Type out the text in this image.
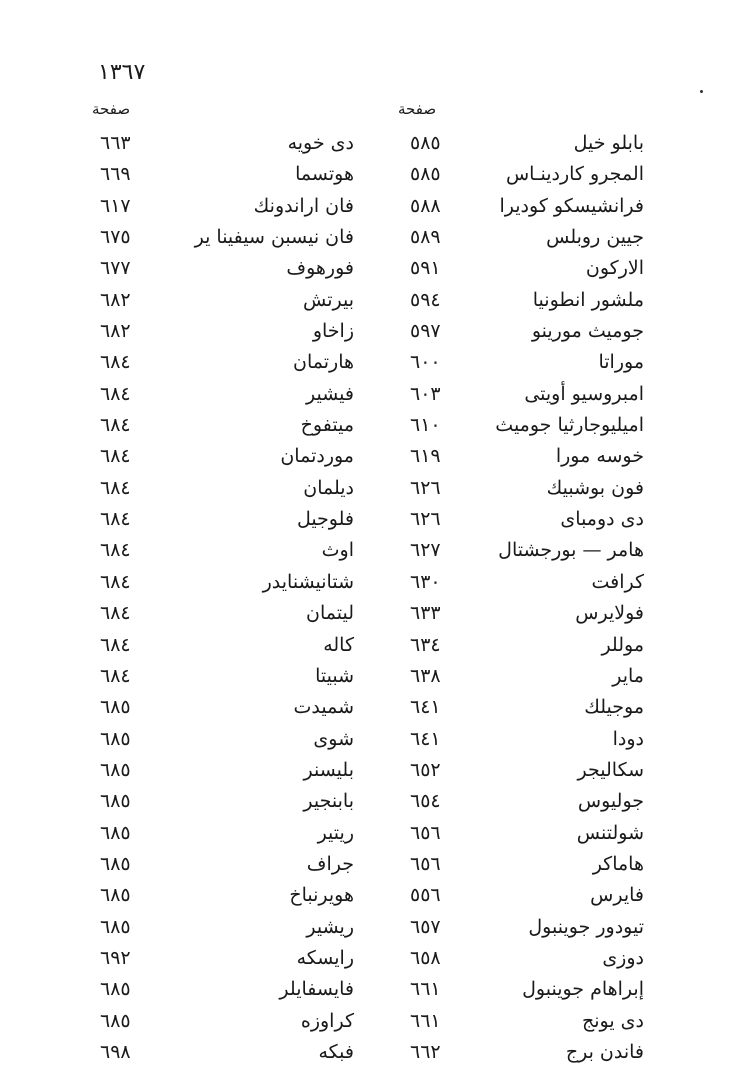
١٣٦٧
صفحة	صفحة
بابلو خيل
٥٨٥
دى خويه
٦٦٣
المجرو كاردينـاس
٥٨٥
هوتسما
٦٦٩
فرانشيسكو كوديرا
٥٨٨
فان اراندونك
٦١٧
جيين روبلس
٥٨٩
فان نيسبن سيفينا ير
٦٧٥
الاركون
٥٩١
فورهوف
٦٧٧
ملشور انطونيا
٥٩٤
بيرتش
٦٨٢
جوميث مورينو
٥٩٧
زاخاو
٦٨٢
موراتا
٦٠٠
هارتمان
٦٨٤
امبروسيو أويتى
٦٠٣
فيشير
٦٨٤
اميليوجارثيا جوميث
٦١٠
ميتفوخ
٦٨٤
خوسه مورا
٦١٩
موردتمان
٦٨٤
فون بوشبيك
٦٢٦
ديلمان
٦٨٤
دى دومباى
٦٢٦
فلوجيل
٦٨٤
هامر — بورجشتال
٦٢٧
اوث
٦٨٤
كرافت
٦٣٠
شتانيشنايدر
٦٨٤
فولايرس
٦٣٣
ليتمان
٦٨٤
موللر
٦٣٤
كاله
٦٨٤
ماير
٦٣٨
شبيتا
٦٨٤
موجيلك
٦٤١
شميدت
٦٨٥
دودا
٦٤١
شوى
٦٨٥
سكاليجر
٦٥٢
بليسنر
٦٨٥
جوليوس
٦٥٤
بابنجير
٦٨٥
شولتنس
٦٥٦
ريتير
٦٨٥
هاماكر
٦٥٦
جراف
٦٨٥
فايرس
٥٥٦
هويرنباخ
٦٨٥
تيودور جوينبول
٦٥٧
ريشير
٦٨٥
دوزى
٦٥٨
رايسكه
٦٩٢
إبراهام جوينبول
٦٦١
فايسفايلر
٦٨٥
دى يونج
٦٦١
كراوزه
٦٨٥
فاندن برج
٦٦٢
فبكه
٦٩٨
